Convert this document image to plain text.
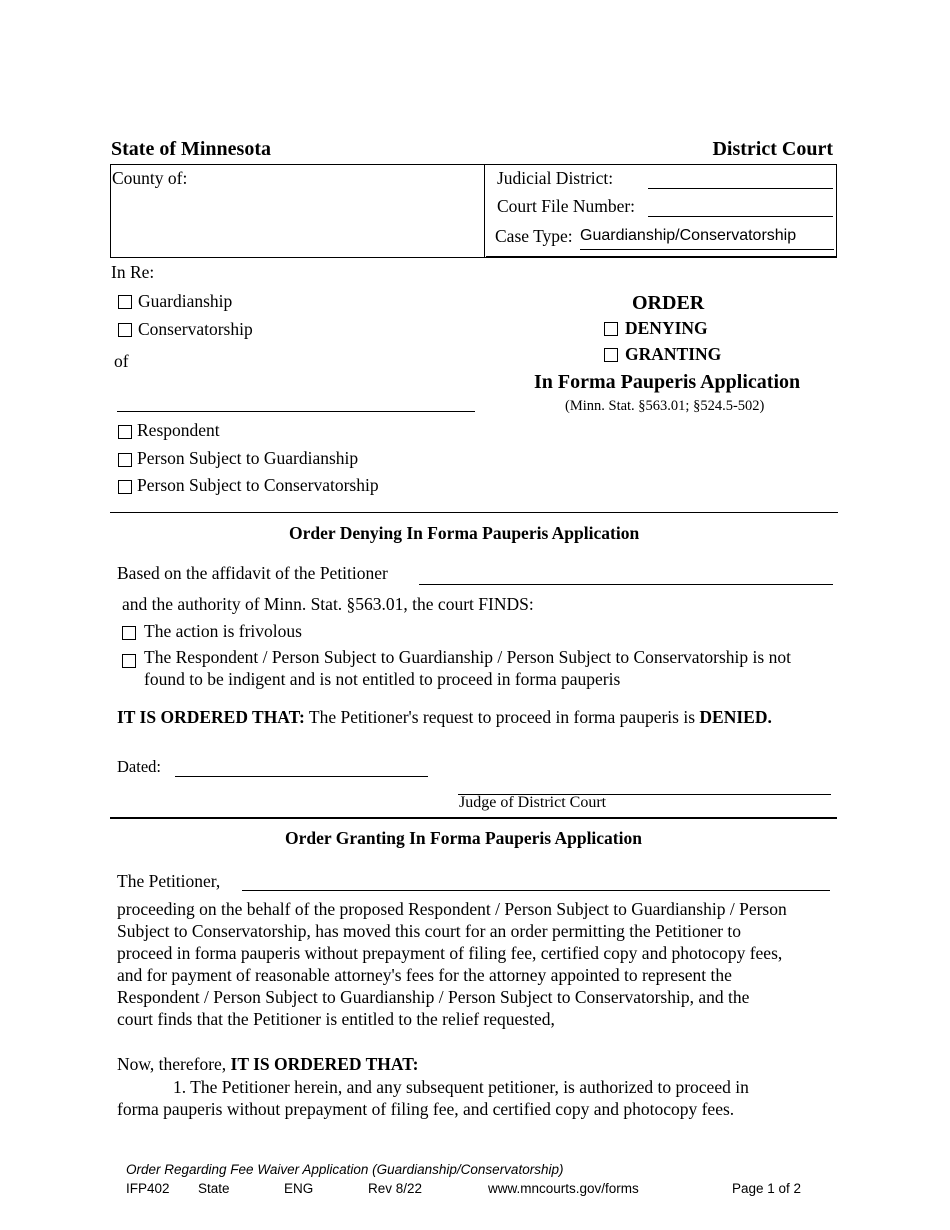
State of Minnesota	District Court
County of:	Judicial District:
Court File Number:
Case Type: Guardianship/Conservatorship
In Re:
Guardianship
Conservatorship
of
Respondent
Person Subject to Guardianship
Person Subject to Conservatorship
ORDER
DENYING
GRANTING
In Forma Pauperis Application
(Minn. Stat. §563.01; §524.5-502)
Order Denying In Forma Pauperis Application
Based on the affidavit of the Petitioner
and the authority of Minn. Stat. §563.01, the court FINDS:
The action is frivolous
The Respondent / Person Subject to Guardianship / Person Subject to Conservatorship is not
found to be indigent and is not entitled to proceed in forma pauperis
IT IS ORDERED THAT: The Petitioner's request to proceed in forma pauperis is DENIED.
Dated:
Judge of District Court
Order Granting In Forma Pauperis Application
The Petitioner,
proceeding on the behalf of the proposed Respondent / Person Subject to Guardianship / Person
Subject to Conservatorship, has moved this court for an order permitting the Petitioner to
proceed in forma pauperis without prepayment of filing fee, certified copy and photocopy fees,
and for payment of reasonable attorney's fees for the attorney appointed to represent the
Respondent / Person Subject to Guardianship / Person Subject to Conservatorship, and the
court finds that the Petitioner is entitled to the relief requested,
Now, therefore, IT IS ORDERED THAT:
1. The Petitioner herein, and any subsequent petitioner, is authorized to proceed in
forma pauperis without prepayment of filing fee, and certified copy and photocopy fees.
Order Regarding Fee Waiver Application (Guardianship/Conservatorship)
IFP402 State	ENG	Rev 8/22	www.mncourts.gov/forms	Page 1 of 2
